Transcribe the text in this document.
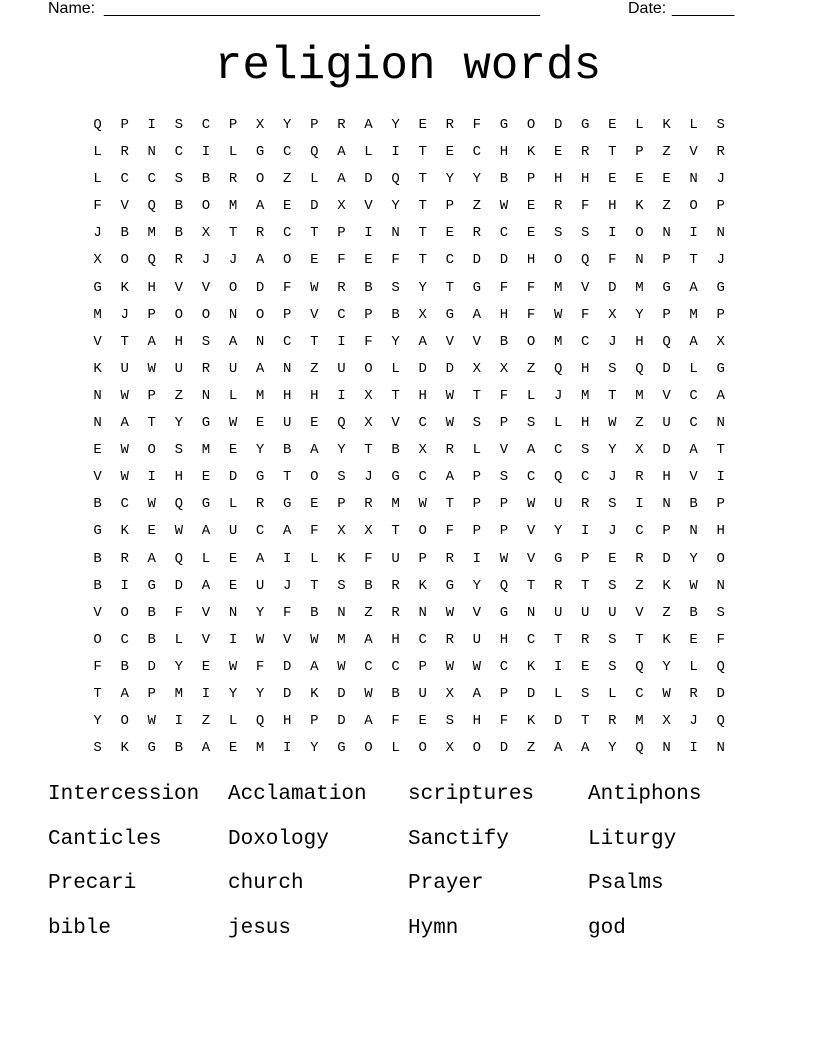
Name: _________________________________________________	Date: _______
religion words
Q	P	I	S	C	P	X	Y	P	R	A	Y	E	R	F	G	O	D	G	E	L	K	L	S
L	R	N	C	I	L	G	C	Q	A	L	I	T	E	C	H	K	E	R	T	P	Z	V	R
L	C	C	S	B	R	O	Z	L	A	D	Q	T	Y	Y	B	P	H	H	E	E	E	N	J
F	V	Q	B	O	M	A	E	D	X	V	Y	T	P	Z	W	E	R	F	H	K	Z	O	P
J	B	M	B	X	T	R	C	T	P	I	N	T	E	R	C	E	S	S	I	O	N	I	N
X	O	Q	R	J	J	A	O	E	F	E	F	T	C	D	D	H	O	Q	F	N	P	T	J
G	K	H	V	V	O	D	F	W	R	B	S	Y	T	G	F	F	M	V	D	M	G	A	G
M	J	P	O	O	N	O	P	V	C	P	B	X	G	A	H	F	W	F	X	Y	P	M	P
V	T	A	H	S	A	N	C	T	I	F	Y	A	V	V	B	O	M	C	J	H	Q	A	X
K	U	W	U	R	U	A	N	Z	U	O	L	D	D	X	X	Z	Q	H	S	Q	D	L	G
N	W	P	Z	N	L	M	H	H	I	X	T	H	W	T	F	L	J	M	T	M	V	C	A
N	A	T	Y	G	W	E	U	E	Q	X	V	C	W	S	P	S	L	H	W	Z	U	C	N
E	W	O	S	M	E	Y	B	A	Y	T	B	X	R	L	V	A	C	S	Y	X	D	A	T
V	W	I	H	E	D	G	T	O	S	J	G	C	A	P	S	C	Q	C	J	R	H	V	I
B	C	W	Q	G	L	R	G	E	P	R	M	W	T	P	P	W	U	R	S	I	N	B	P
G	K	E	W	A	U	C	A	F	X	X	T	O	F	P	P	V	Y	I	J	C	P	N	H
B	R	A	Q	L	E	A	I	L	K	F	U	P	R	I	W	V	G	P	E	R	D	Y	O
B	I	G	D	A	E	U	J	T	S	B	R	K	G	Y	Q	T	R	T	S	Z	K	W	N
V	O	B	F	V	N	Y	F	B	N	Z	R	N	W	V	G	N	U	U	U	V	Z	B	S
O	C	B	L	V	I	W	V	W	M	A	H	C	R	U	H	C	T	R	S	T	K	E	F
F	B	D	Y	E	W	F	D	A	W	C	C	P	W	W	C	K	I	E	S	Q	Y	L	Q
T	A	P	M	I	Y	Y	D	K	D	W	B	U	X	A	P	D	L	S	L	C	W	R	D
Y	O	W	I	Z	L	Q	H	P	D	A	F	E	S	H	F	K	D	T	R	M	X	J	Q
S	K	G	B	A	E	M	I	Y	G	O	L	O	X	O	D	Z	A	A	Y	Q	N	I	N
Intercession	Acclamation	scriptures	Antiphons
Canticles	Doxology	Sanctify	Liturgy
Precari	church	Prayer	Psalms
bible	jesus	Hymn	god
